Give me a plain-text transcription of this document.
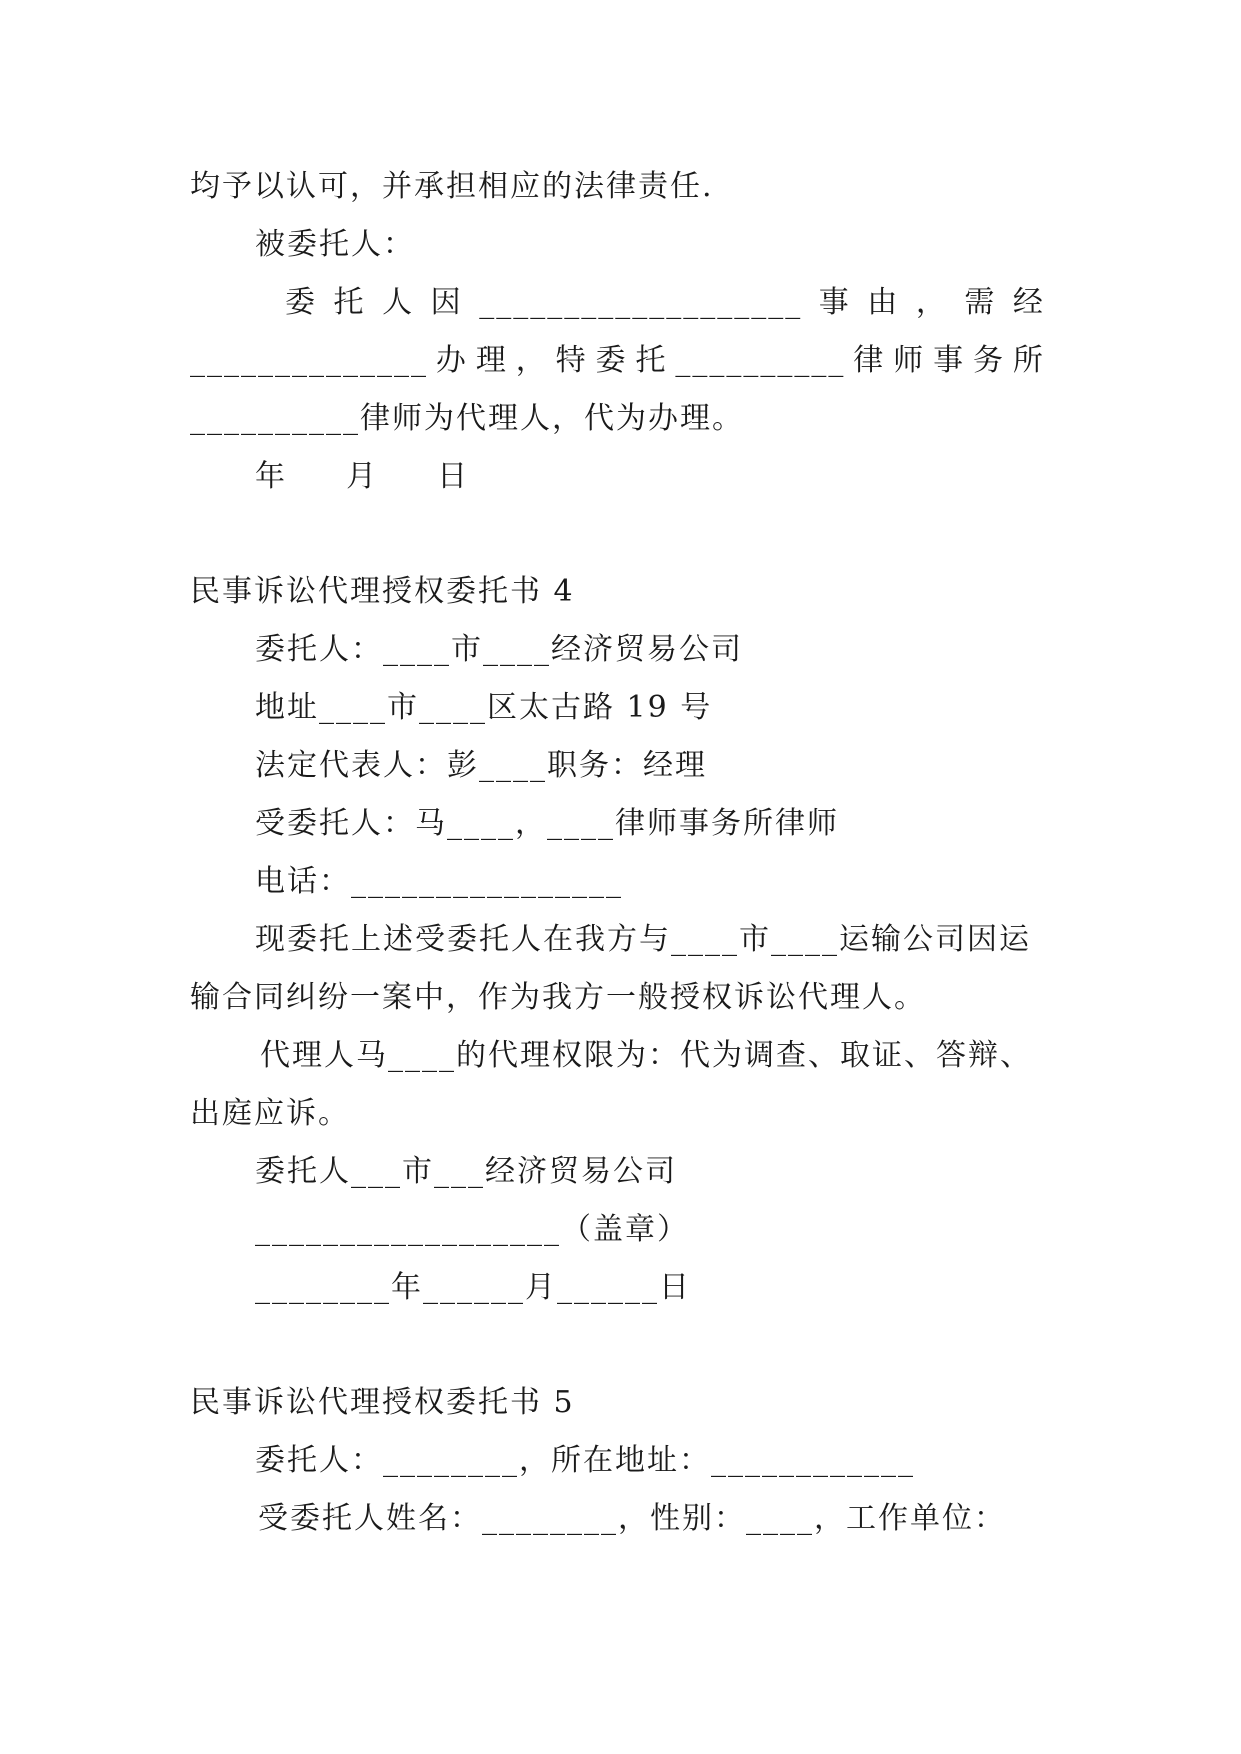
均予以认可，并承担相应的法律责任.
被委托人：
委 托 人 因 ___________________ 事 由 ， 需 经
______________ 办 理 ， 特 委 托 __________ 律 师 事 务 所
__________律师为代理人，代为办理。
年  月  日
民事诉讼代理授权委托书 4
委托人：____市____经济贸易公司
地址____市____区太古路 19 号
法定代表人：彭____职务：经理
受委托人：马____，____律师事务所律师
电话：________________
现委托上述受委托人在我方与____市____运输公司因运
输合同纠纷一案中，作为我方一般授权诉讼代理人。
代理人马____的代理权限为：代为调查、取证、答辩、
出庭应诉。
委托人___市___经济贸易公司
__________________（盖章）
________年______月______日
民事诉讼代理授权委托书 5
委托人：________，所在地址：____________
受委托人姓名：________，性别：____，工作单位：
